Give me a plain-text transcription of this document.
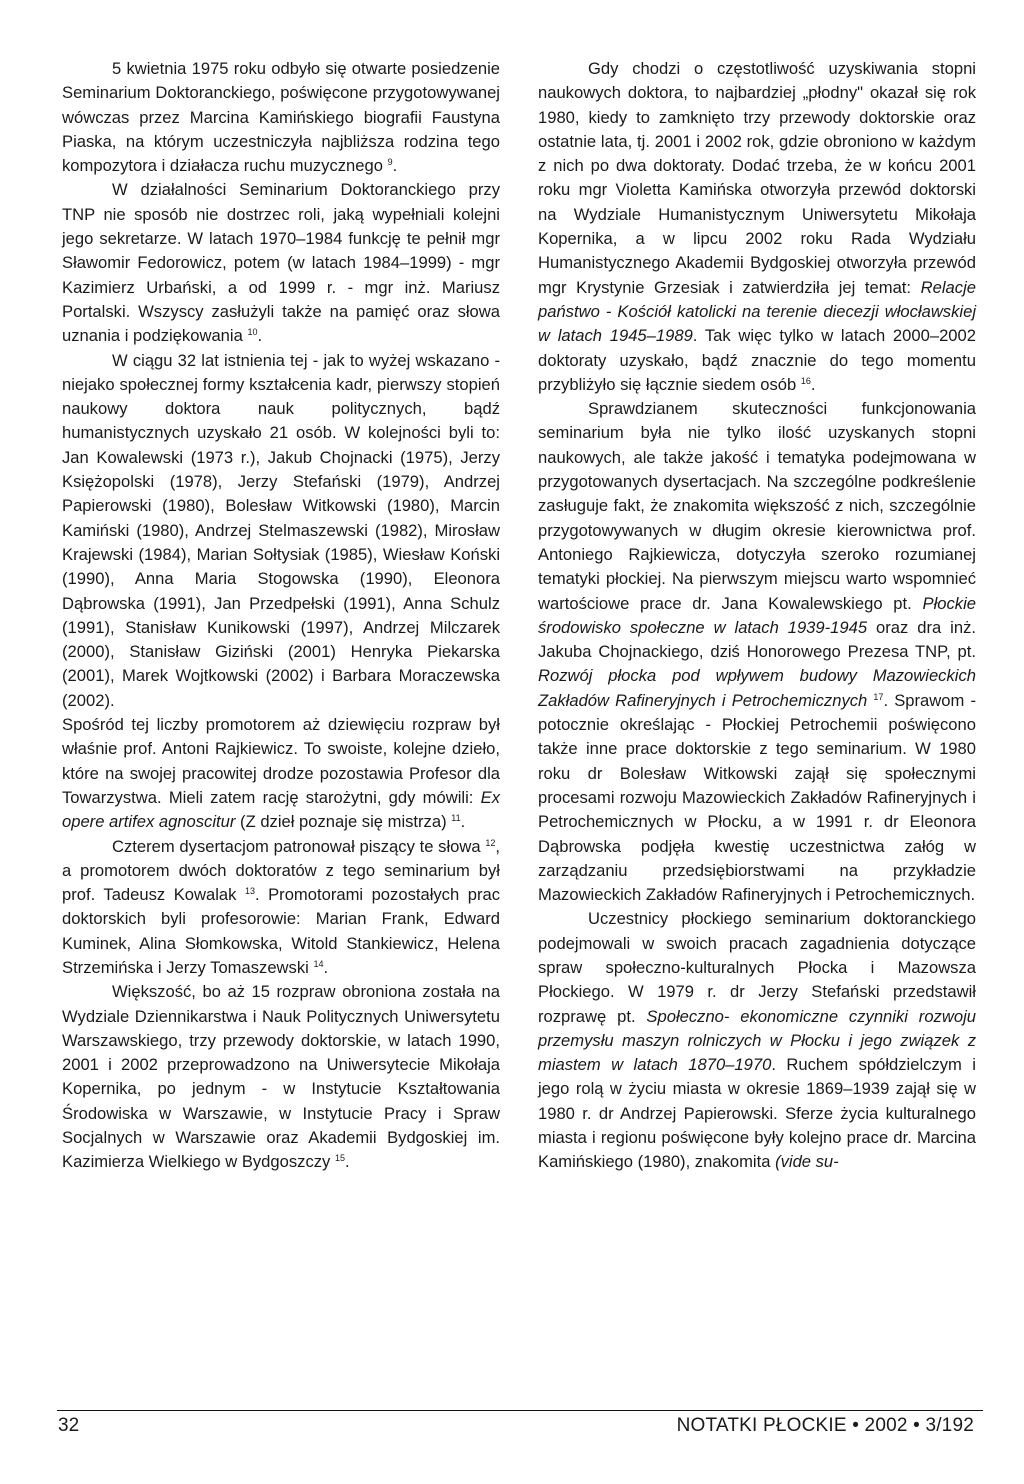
5 kwietnia 1975 roku odbyło się otwarte posiedzenie Seminarium Doktoranckiego, poświęcone przygotowywanej wówczas przez Marcina Kamińskiego biografii Faustyna Piaska, na którym uczestniczyła najbliższa rodzina tego kompozytora i działacza ruchu muzycznego $^9$.

W działalności Seminarium Doktoranckiego przy TNP nie sposób nie dostrzec roli, jaką wypełniali kolejni jego sekretarze. W latach 1970–1984 funkcję te pełnił mgr Sławomir Fedorowicz, potem (w latach 1984–1999) - mgr Kazimierz Urbański, a od 1999 r. - mgr inż. Mariusz Portalski. Wszyscy zasłużyli także na pamięć oraz słowa uznania i podziękowania $^{10}$.

W ciągu 32 lat istnienia tej - jak to wyżej wskazano - niejako społecznej formy kształcenia kadr, pierwszy stopień naukowy doktora nauk politycznych, bądź humanistycznych uzyskało 21 osób. W kolejności byli to: Jan Kowalewski (1973 r.), Jakub Chojnacki (1975), Jerzy Księżopolski (1978), Jerzy Stefański (1979), Andrzej Papierowski (1980), Bolesław Witkowski (1980), Marcin Kamiński (1980), Andrzej Stelmaszewski (1982), Mirosław Krajewski (1984), Marian Sołtysiak (1985), Wiesław Koński (1990), Anna Maria Stogowska (1990), Eleonora Dąbrowska (1991), Jan Przedpełski (1991), Anna Schulz (1991), Stanisław Kunikowski (1997), Andrzej Milczarek (2000), Stanisław Giziński (2001) Henryka Piekarska (2001), Marek Wojtkowski (2002) i Barbara Moraczewska (2002).

Spośród tej liczby promotorem aż dziewięciu rozpraw był właśnie prof. Antoni Rajkiewicz. To swoiste, kolejne dzieło, które na swojej pracowitej drodze pozostawia Profesor dla Towarzystwa. Mieli zatem rację starożytni, gdy mówili: Ex opere artifex agnoscitur (Z dzieł poznaje się mistrza) $^{11}$.

Czterem dysertacjom patronował piszący te słowa $^{12}$, a promotorem dwóch doktoratów z tego seminarium był prof. Tadeusz Kowalak $^{13}$. Promotorami pozostałych prac doktorskich byli profesorowie: Marian Frank, Edward Kuminek, Alina Słomkowska, Witold Stankiewicz, Helena Strzemińska i Jerzy Tomaszewski $^{14}$.

Większość, bo aż 15 rozpraw obroniona została na Wydziale Dziennikarstwa i Nauk Politycznych Uniwersytetu Warszawskiego, trzy przewody doktorskie, w latach 1990, 2001 i 2002 przeprowadzono na Uniwersytecie Mikołaja Kopernika, po jednym - w Instytucie Kształtowania Środowiska w Warszawie, w Instytucie Pracy i Spraw Socjalnych w Warszawie oraz Akademii Bydgoskiej im. Kazimierza Wielkiego w Bydgoszczy $^{15}$.

Gdy chodzi o częstotliwość uzyskiwania stopni naukowych doktora, to najbardziej „płodny" okazał się rok 1980, kiedy to zamknięto trzy przewody doktorskie oraz ostatnie lata, tj. 2001 i 2002 rok, gdzie obroniono w każdym z nich po dwa doktoraty. Dodać trzeba, że w końcu 2001 roku mgr Violetta Kamińska otworzyła przewód doktorski na Wydziale Humanistycznym Uniwersytetu Mikołaja Kopernika, a w lipcu 2002 roku Rada Wydziału Humanistycznego Akademii Bydgoskiej otworzyła przewód mgr Krystynie Grzesiak i zatwierdziła jej temat: Relacje państwo - Kościół katolicki na terenie diecezji włocławskiej w latach 1945–1989. Tak więc tylko w latach 2000–2002 doktoraty uzyskało, bądź znacznie do tego momentu przybliżyło się łącznie siedem osób $^{16}$.

Sprawdzianem skuteczności funkcjonowania seminarium była nie tylko ilość uzyskanych stopni naukowych, ale także jakość i tematyka podejmowana w przygotowanych dysertacjach. Na szczególne podkreślenie zasługuje fakt, że znakomita większość z nich, szczególnie przygotowywanych w długim okresie kierownictwa prof. Antoniego Rajkiewicza, dotyczyła szeroko rozumianej tematyki płockiej. Na pierwszym miejscu warto wspomnieć wartościowe prace dr. Jana Kowalewskiego pt. Płockie środowisko społeczne w latach 1939-1945 oraz dra inż. Jakuba Chojnackiego, dziś Honorowego Prezesa TNP, pt. Rozwój płocka pod wpływem budowy Mazowieckich Zakładów Rafineryjnych i Petrochemicznych $^{17}$. Sprawom - potocznie określając - Płockiej Petrochemii poświęcono także inne prace doktorskie z tego seminarium. W 1980 roku dr Bolesław Witkowski zajął się społecznymi procesami rozwoju Mazowieckich Zakładów Rafineryjnych i Petrochemicznych w Płocku, a w 1991 r. dr Eleonora Dąbrowska podjęła kwestię uczestnictwa załóg w zarządzaniu przedsiębiorstwami na przykładzie Mazowieckich Zakładów Rafineryjnych i Petrochemicznych.

Uczestnicy płockiego seminarium doktoranckiego podejmowali w swoich pracach zagadnienia dotyczące spraw społeczno-kulturalnych Płocka i Mazowsza Płockiego. W 1979 r. dr Jerzy Stefański przedstawił rozprawę pt. Społeczno- ekonomiczne czynniki rozwoju przemysłu maszyn rolniczych w Płocku i jego związek z miastem w latach 1870–1970. Ruchem spółdzielczym i jego rolą w życiu miasta w okresie 1869–1939 zajął się w 1980 r. dr Andrzej Papierowski. Sferze życia kulturalnego miasta i regionu poświęcone były kolejno prace dr. Marcina Kamińskiego (1980), znakomita (vide su-

32	NOTATKI PŁOCKIE • 2002 • 3/192
